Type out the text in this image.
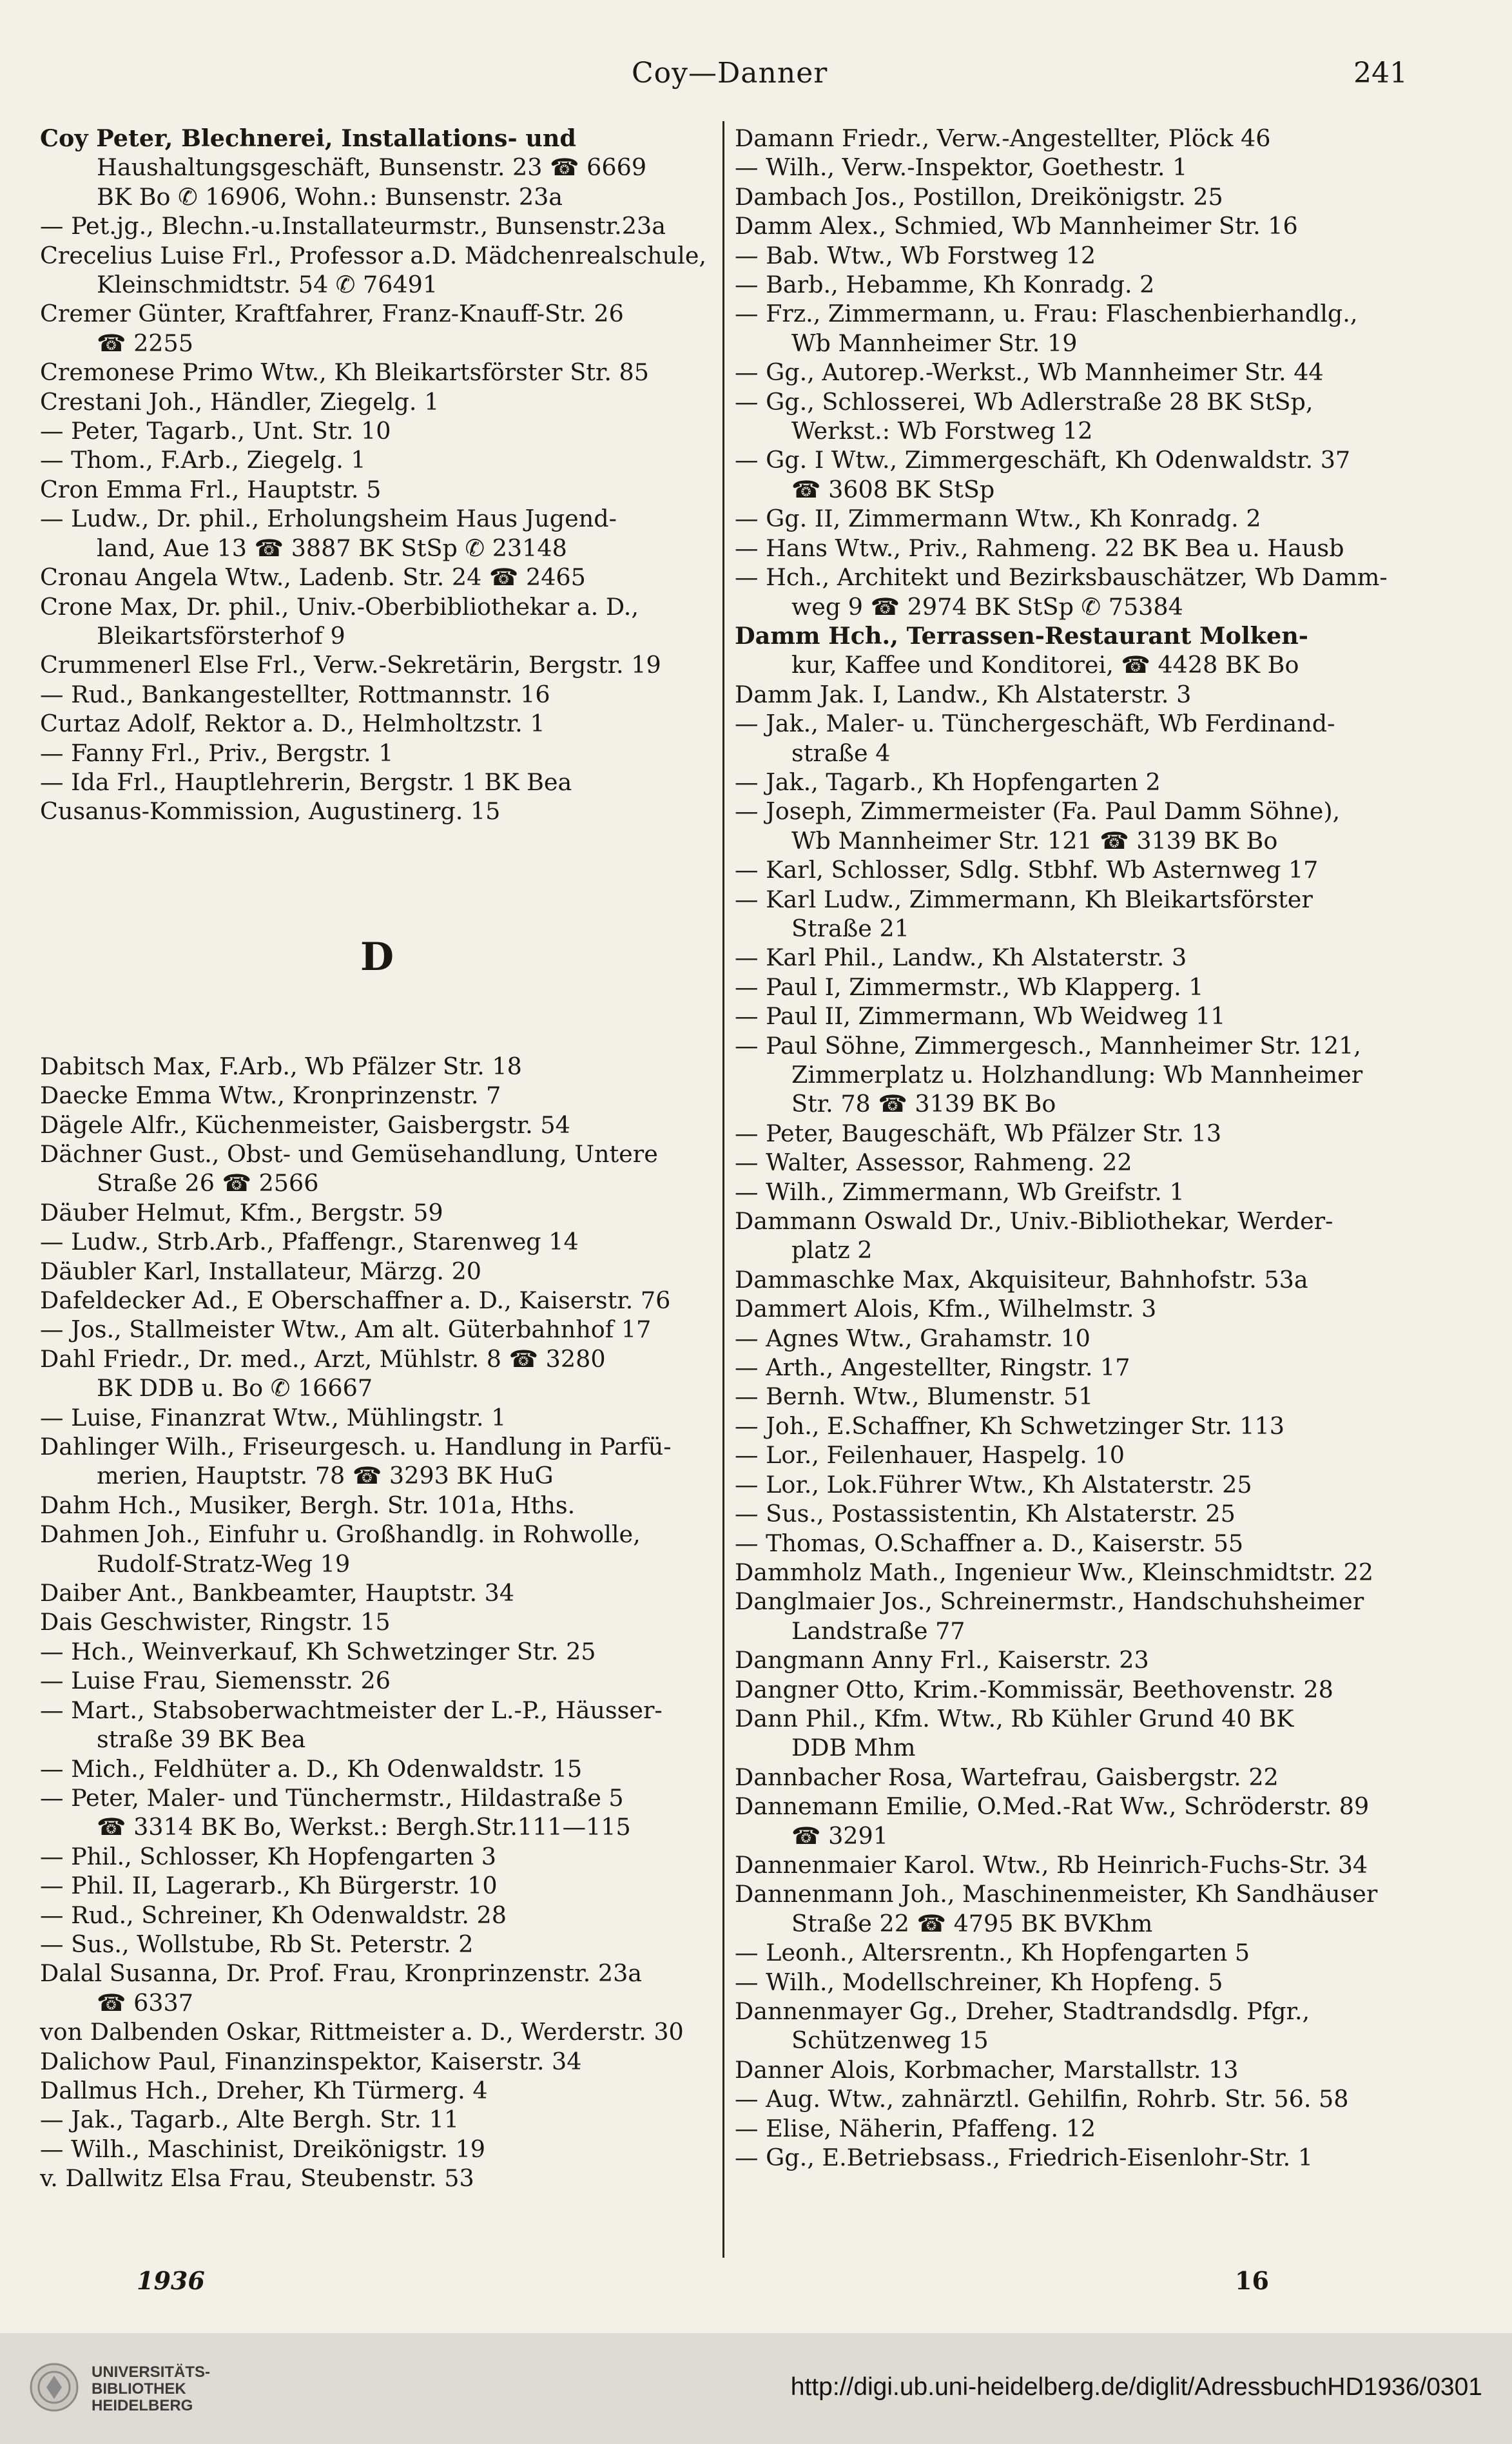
Coy—Danner	241
Coy Peter, Blechnerei, Installations- und
Haushaltungsgeschäft, Bunsenstr. 23 ☎ 6669
BK Bo ✆ 16906, Wohn.: Bunsenstr. 23a
— Pet.jg., Blechn.-u.Installateurmstr., Bunsenstr.23a
Crecelius Luise Frl., Professor a.D. Mädchenrealschule,
Kleinschmidtstr. 54 ✆ 76491
Cremer Günter, Kraftfahrer, Franz-Knauff-Str. 26
☎ 2255
Cremonese Primo Wtw., Kh Bleikartsförster Str. 85
Crestani Joh., Händler, Ziegelg. 1
— Peter, Tagarb., Unt. Str. 10
— Thom., F.Arb., Ziegelg. 1
Cron Emma Frl., Hauptstr. 5
— Ludw., Dr. phil., Erholungsheim Haus Jugend-
land, Aue 13 ☎ 3887 BK StSp ✆ 23148
Cronau Angela Wtw., Ladenb. Str. 24 ☎ 2465
Crone Max, Dr. phil., Univ.-Oberbibliothekar a. D.,
Bleikartsförsterhof 9
Crummenerl Else Frl., Verw.-Sekretärin, Bergstr. 19
— Rud., Bankangestellter, Rottmannstr. 16
Curtaz Adolf, Rektor a. D., Helmholtzstr. 1
— Fanny Frl., Priv., Bergstr. 1
— Ida Frl., Hauptlehrerin, Bergstr. 1 BK Bea
Cusanus-Kommission, Augustinerg. 15
D
Dabitsch Max, F.Arb., Wb Pfälzer Str. 18
Daecke Emma Wtw., Kronprinzenstr. 7
Dägele Alfr., Küchenmeister, Gaisbergstr. 54
Dächner Gust., Obst- und Gemüsehandlung, Untere
Straße 26 ☎ 2566
Däuber Helmut, Kfm., Bergstr. 59
— Ludw., Strb.Arb., Pfaffengr., Starenweg 14
Däubler Karl, Installateur, Märzg. 20
Dafeldecker Ad., E Oberschaffner a. D., Kaiserstr. 76
— Jos., Stallmeister Wtw., Am alt. Güterbahnhof 17
Dahl Friedr., Dr. med., Arzt, Mühlstr. 8 ☎ 3280
BK DDB u. Bo ✆ 16667
— Luise, Finanzrat Wtw., Mühlingstr. 1
Dahlinger Wilh., Friseurgesch. u. Handlung in Parfü-
merien, Hauptstr. 78 ☎ 3293 BK HuG
Dahm Hch., Musiker, Bergh. Str. 101a, Hths.
Dahmen Joh., Einfuhr u. Großhandlg. in Rohwolle,
Rudolf-Stratz-Weg 19
Daiber Ant., Bankbeamter, Hauptstr. 34
Dais Geschwister, Ringstr. 15
— Hch., Weinverkauf, Kh Schwetzinger Str. 25
— Luise Frau, Siemensstr. 26
— Mart., Stabsoberwachtmeister der L.-P., Häusser-
straße 39 BK Bea
— Mich., Feldhüter a. D., Kh Odenwaldstr. 15
— Peter, Maler- und Tünchermstr., Hildastraße 5
☎ 3314 BK Bo, Werkst.: Bergh.Str.111—115
— Phil., Schlosser, Kh Hopfengarten 3
— Phil. II, Lagerarb., Kh Bürgerstr. 10
— Rud., Schreiner, Kh Odenwaldstr. 28
— Sus., Wollstube, Rb St. Peterstr. 2
Dalal Susanna, Dr. Prof. Frau, Kronprinzenstr. 23a
☎ 6337
von Dalbenden Oskar, Rittmeister a. D., Werderstr. 30
Dalichow Paul, Finanzinspektor, Kaiserstr. 34
Dallmus Hch., Dreher, Kh Türmerg. 4
— Jak., Tagarb., Alte Bergh. Str. 11
— Wilh., Maschinist, Dreikönigstr. 19
v. Dallwitz Elsa Frau, Steubenstr. 53
Damann Friedr., Verw.-Angestellter, Plöck 46
— Wilh., Verw.-Inspektor, Goethestr. 1
Dambach Jos., Postillon, Dreikönigstr. 25
Damm Alex., Schmied, Wb Mannheimer Str. 16
— Bab. Wtw., Wb Forstweg 12
— Barb., Hebamme, Kh Konradg. 2
— Frz., Zimmermann, u. Frau: Flaschenbierhandlg.,
Wb Mannheimer Str. 19
— Gg., Autorep.-Werkst., Wb Mannheimer Str. 44
— Gg., Schlosserei, Wb Adlerstraße 28 BK StSp,
Werkst.: Wb Forstweg 12
— Gg. I Wtw., Zimmergeschäft, Kh Odenwaldstr. 37
☎ 3608 BK StSp
— Gg. II, Zimmermann Wtw., Kh Konradg. 2
— Hans Wtw., Priv., Rahmeng. 22 BK Bea u. Hausb
— Hch., Architekt und Bezirksbauschätzer, Wb Damm-
weg 9 ☎ 2974 BK StSp ✆ 75384
Damm Hch., Terrassen-Restaurant Molken-
kur, Kaffee und Konditorei, ☎ 4428 BK Bo
Damm Jak. I, Landw., Kh Alstaterstr. 3
— Jak., Maler- u. Tünchergeschäft, Wb Ferdinand-
straße 4
— Jak., Tagarb., Kh Hopfengarten 2
— Joseph, Zimmermeister (Fa. Paul Damm Söhne),
Wb Mannheimer Str. 121 ☎ 3139 BK Bo
— Karl, Schlosser, Sdlg. Stbhf. Wb Asternweg 17
— Karl Ludw., Zimmermann, Kh Bleikartsförster
Straße 21
— Karl Phil., Landw., Kh Alstaterstr. 3
— Paul I, Zimmermstr., Wb Klapperg. 1
— Paul II, Zimmermann, Wb Weidweg 11
— Paul Söhne, Zimmergesch., Mannheimer Str. 121,
Zimmerplatz u. Holzhandlung: Wb Mannheimer
Str. 78 ☎ 3139 BK Bo
— Peter, Baugeschäft, Wb Pfälzer Str. 13
— Walter, Assessor, Rahmeng. 22
— Wilh., Zimmermann, Wb Greifstr. 1
Dammann Oswald Dr., Univ.-Bibliothekar, Werder-
platz 2
Dammaschke Max, Akquisiteur, Bahnhofstr. 53a
Dammert Alois, Kfm., Wilhelmstr. 3
— Agnes Wtw., Grahamstr. 10
— Arth., Angestellter, Ringstr. 17
— Bernh. Wtw., Blumenstr. 51
— Joh., E.Schaffner, Kh Schwetzinger Str. 113
— Lor., Feilenhauer, Haspelg. 10
— Lor., Lok.Führer Wtw., Kh Alstaterstr. 25
— Sus., Postassistentin, Kh Alstaterstr. 25
— Thomas, O.Schaffner a. D., Kaiserstr. 55
Dammholz Math., Ingenieur Ww., Kleinschmidtstr. 22
Danglmaier Jos., Schreinermstr., Handschuhsheimer
Landstraße 77
Dangmann Anny Frl., Kaiserstr. 23
Dangner Otto, Krim.-Kommissär, Beethovenstr. 28
Dann Phil., Kfm. Wtw., Rb Kühler Grund 40 BK
DDB Mhm
Dannbacher Rosa, Wartefrau, Gaisbergstr. 22
Dannemann Emilie, O.Med.-Rat Ww., Schröderstr. 89
☎ 3291
Dannenmaier Karol. Wtw., Rb Heinrich-Fuchs-Str. 34
Dannenmann Joh., Maschinenmeister, Kh Sandhäuser
Straße 22 ☎ 4795 BK BVKhm
— Leonh., Altersrentn., Kh Hopfengarten 5
— Wilh., Modellschreiner, Kh Hopfeng. 5
Dannenmayer Gg., Dreher, Stadtrandsdlg. Pfgr.,
Schützenweg 15
Danner Alois, Korbmacher, Marstallstr. 13
— Aug. Wtw., zahnärztl. Gehilfin, Rohrb. Str. 56. 58
— Elise, Näherin, Pfaffeng. 12
— Gg., E.Betriebsass., Friedrich-Eisenlohr-Str. 1
1936	16
UNIVERSITÄTS-
BIBLIOTHEK
HEIDELBERG
http://digi.ub.uni-heidelberg.de/diglit/AdressbuchHD1936/0301
